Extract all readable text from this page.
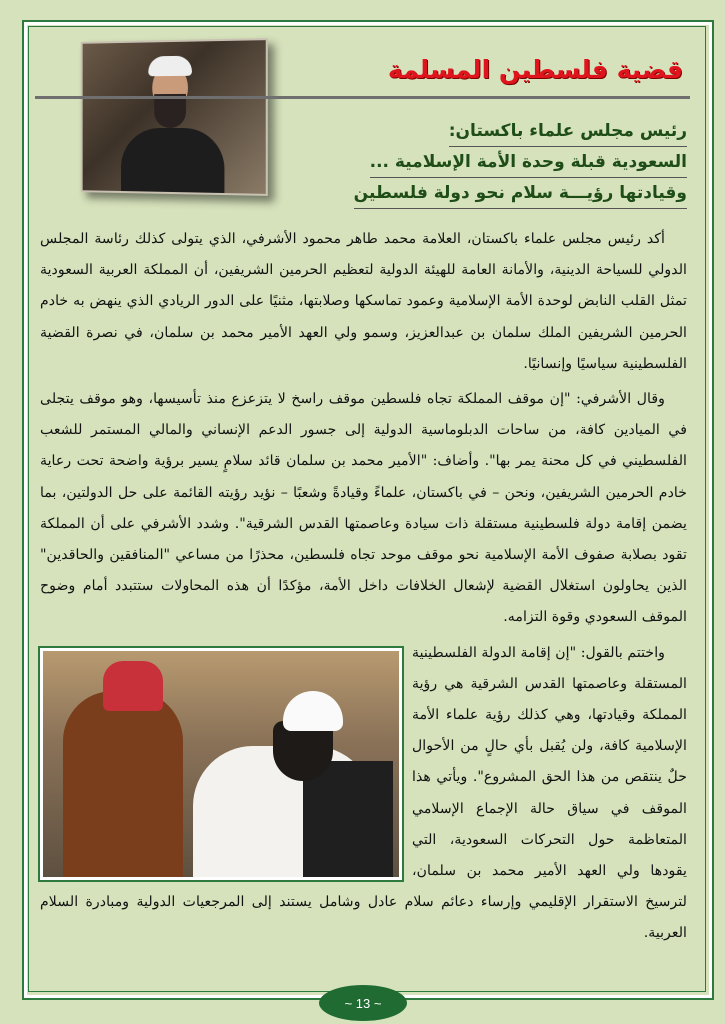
قضية فلسطين المسلمة
رئيس مجلس علماء باكستان:
السعودية قبلة وحدة الأمة الإسلامية ...
وقيادتها رؤيـــة سلام نحو دولة فلسطين

أكد رئيس مجلس علماء باكستان، العلامة محمد طاهر محمود الأشرفي، الذي يتولى كذلك رئاسة المجلس الدولي للسياحة الدينية، والأمانة العامة للهيئة الدولية لتعظيم الحرمين الشريفين، أن المملكة العربية السعودية تمثل القلب النابض لوحدة الأمة الإسلامية وعمود تماسكها وصلابتها، مثنيًا على الدور الريادي الذي ينهض به خادم الحرمين الشريفين الملك سلمان بن عبدالعزيز، وسمو ولي العهد الأمير محمد بن سلمان، في نصرة القضية الفلسطينية سياسيًا وإنسانيًا.

وقال الأشرفي: "إن موقف المملكة تجاه فلسطين موقف راسخ لا يتزعزع منذ تأسيسها، وهو موقف يتجلى في الميادين كافة، من ساحات الدبلوماسية الدولية إلى جسور الدعم الإنساني والمالي المستمر للشعب الفلسطيني في كل محنة يمر بها". وأضاف: "الأمير محمد بن سلمان قائد سلامٍ يسير برؤية واضحة تحت رعاية خادم الحرمين الشريفين، ونحن – في باكستان، علماءً وقيادةً وشعبًا – نؤيد رؤيته القائمة على حل الدولتين، بما يضمن إقامة دولة فلسطينية مستقلة ذات سيادة وعاصمتها القدس الشرقية". وشدد الأشرفي على أن المملكة تقود بصلابة صفوف الأمة الإسلامية نحو موقف موحد تجاه فلسطين، محذرًا من مساعي "المنافقين والحاقدين" الذين يحاولون استغلال القضية لإشعال الخلافات داخل الأمة، مؤكدًا أن هذه المحاولات ستتبدد أمام وضوح الموقف السعودي وقوة التزامه.

واختتم بالقول: "إن إقامة الدولة الفلسطينية المستقلة وعاصمتها القدس الشرقية هي رؤية المملكة وقيادتها، وهي كذلك رؤية علماء الأمة الإسلامية كافة، ولن يُقبل بأي حالٍ من الأحوال حلٌ ينتقص من هذا الحق المشروع". ويأتي هذا الموقف في سياق حالة الإجماع الإسلامي المتعاظمة حول التحركات السعودية، التي يقودها ولي العهد الأمير محمد بن سلمان، لترسيخ الاستقرار الإقليمي وإرساء دعائم سلام عادل وشامل يستند إلى المرجعيات الدولية ومبادرة السلام العربية.

~ 13 ~
